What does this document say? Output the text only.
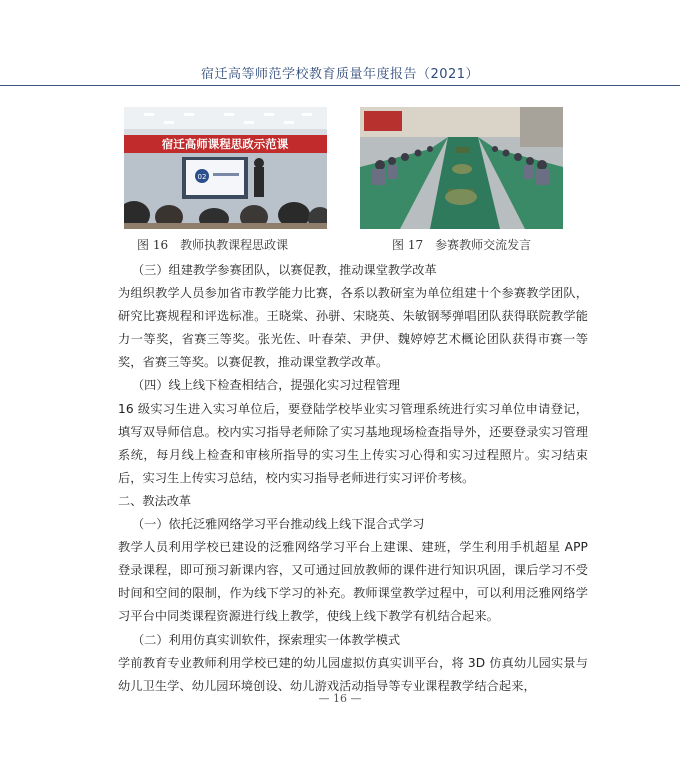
宿迁高等师范学校教育质量年度报告（2021）
宿迁高师课程思政示范课
02
图 16　教师执教课程思政课	图 17　参赛教师交流发言

（三）组建教学参赛团队，以赛促教，推动课堂教学改革

为组织教学人员参加省市教学能力比赛，各系以教研室为单位组建十个参赛教学团队，研究比赛规程和评选标准。王晓棠、孙骈、宋晓英、朱敏钢琴弹唱团队获得联院教学能力一等奖，省赛三等奖。张光佐、叶春荣、尹伊、魏婷婷艺术概论团队获得市赛一等奖，省赛三等奖。以赛促教，推动课堂教学改革。

（四）线上线下检查相结合，提强化实习过程管理

16 级实习生进入实习单位后，要登陆学校毕业实习管理系统进行实习单位申请登记，填写双导师信息。校内实习指导老师除了实习基地现场检查指导外，还要登录实习管理系统，每月线上检查和审核所指导的实习生上传实习心得和实习过程照片。实习结束后，实习生上传实习总结，校内实习指导老师进行实习评价考核。

二、教法改革

（一）依托泛雅网络学习平台推动线上线下混合式学习

教学人员利用学校已建设的泛雅网络学习平台上建课、建班，学生利用手机超星 APP 登录课程，即可预习新课内容，又可通过回放教师的课件进行知识巩固，课后学习不受时间和空间的限制，作为线下学习的补充。教师课堂教学过程中，可以利用泛雅网络学习平台中同类课程资源进行线上教学，使线上线下教学有机结合起来。

（二）利用仿真实训软件，探索理实一体教学模式

学前教育专业教师利用学校已建的幼儿园虚拟仿真实训平台，将 3D 仿真幼儿园实景与幼儿卫生学、幼儿园环境创设、幼儿游戏活动指导等专业课程教学结合起来，

— 16 —
